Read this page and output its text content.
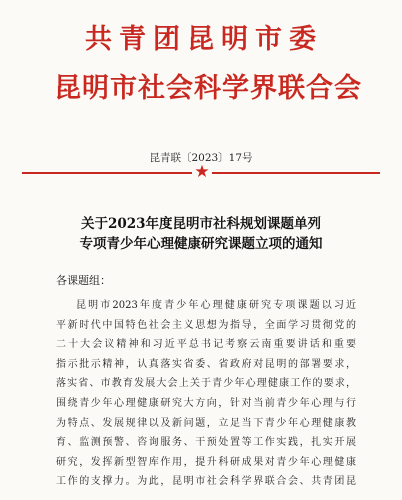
共青团昆明市委
昆明市社会科学界联合会
昆青联〔2023〕17号
★
关于2023年度昆明市社科规划课题单列
专项青少年心理健康研究课题立项的通知
各课题组：
昆明市2023年度青少年心理健康研究专项课题以习近
平新时代中国特色社会主义思想为指导，全面学习贯彻党的
二十大会议精神和习近平总书记考察云南重要讲话和重要
指示批示精神，认真落实省委、省政府对昆明的部署要求，
落实省、市教育发展大会上关于青少年心理健康工作的要求，
围绕青少年心理健康研究大方向，针对当前青少年心理与行
为特点、发展规律以及新问题，立足当下青少年心理健康教
育、监测预警、咨询服务、干预处置等工作实践，扎实开展
研究，发挥新型智库作用，提升科研成果对青少年心理健康
工作的支撑力。为此，昆明市社会科学界联合会、共青团昆
